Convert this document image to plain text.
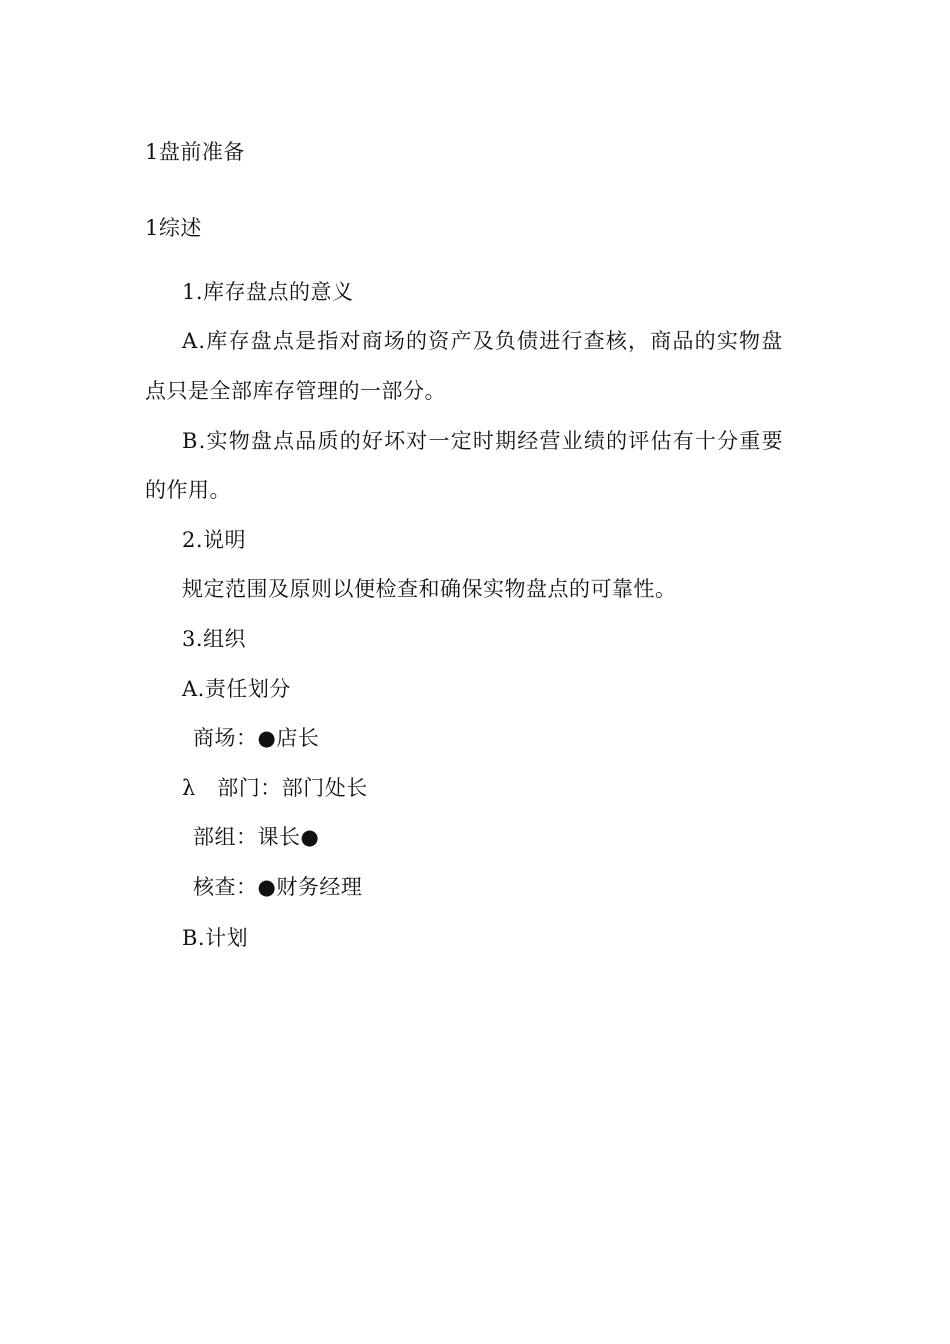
1盘前准备
1综述
1.库存盘点的意义
A.库存盘点是指对商场的资产及负债进行查核，商品的实物盘
点只是全部库存管理的一部分。
B.实物盘点品质的好坏对一定时期经营业绩的评估有十分重要
的作用。
2.说明
规定范围及原则以便检查和确保实物盘点的可靠性。
3.组织
A.责任划分
商场：●店长
λ　部门：部门处长
部组：课长●
核查：●财务经理
B.计划
